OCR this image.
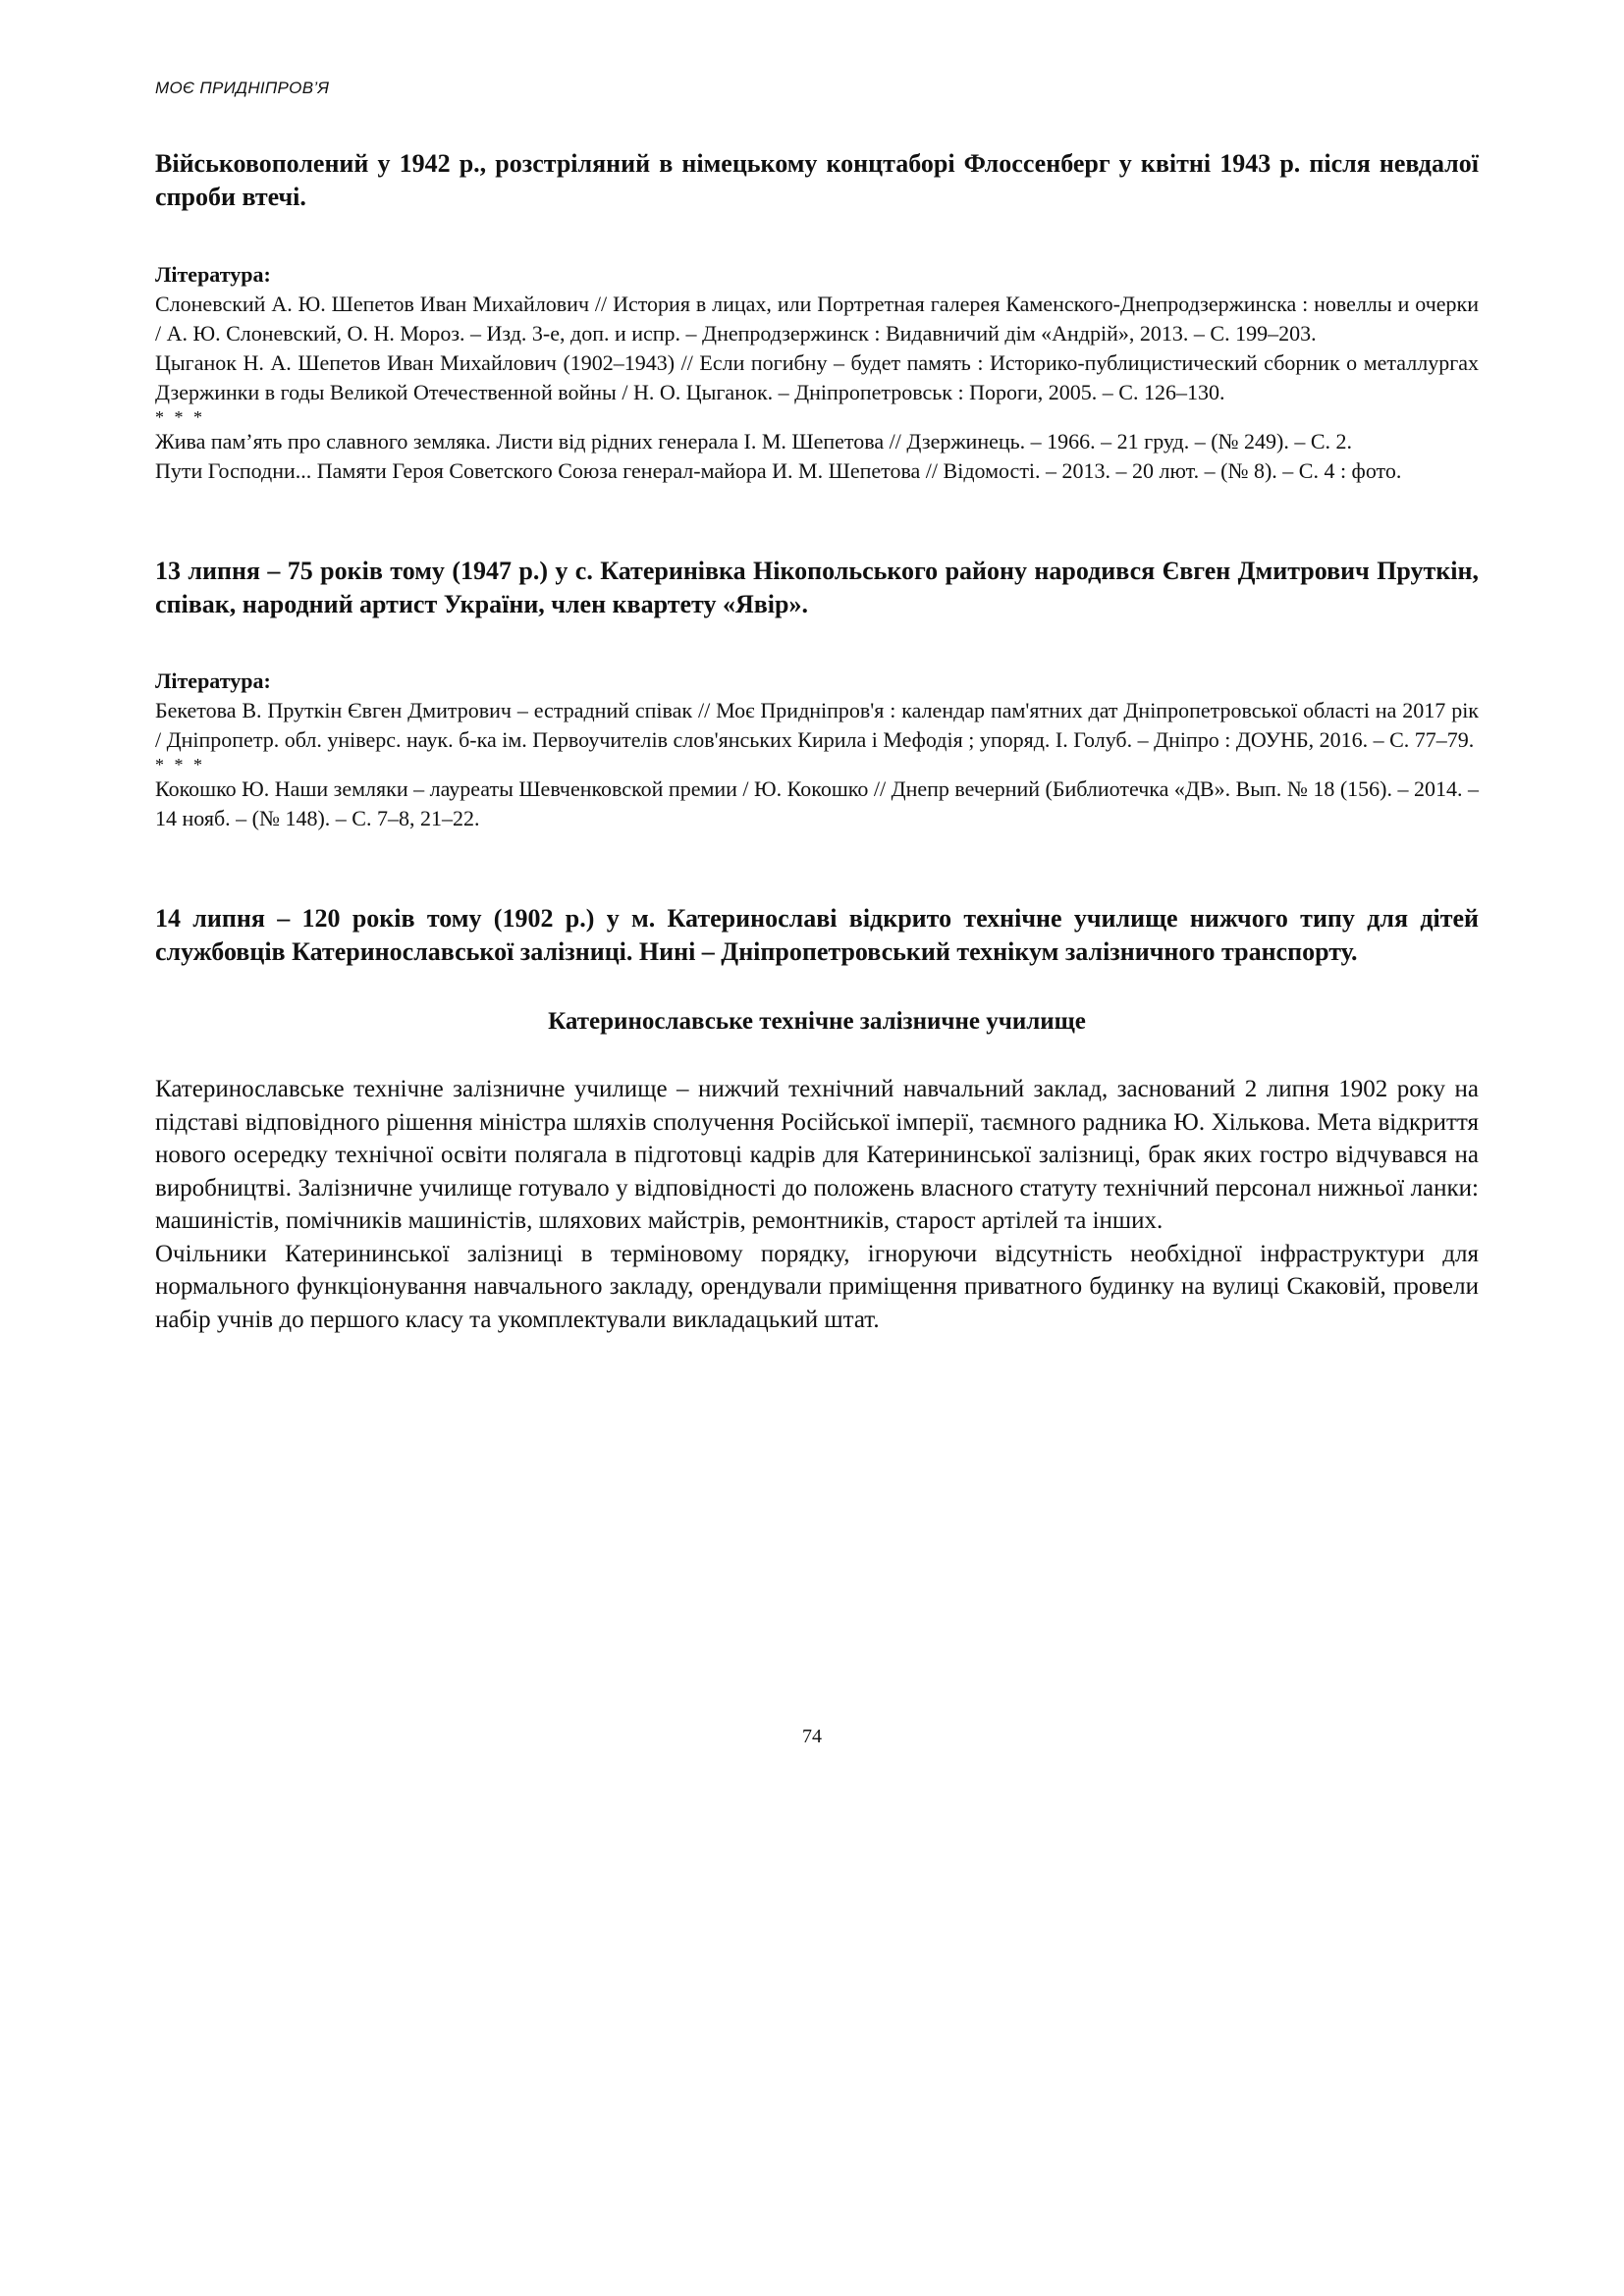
МОЄ ПРИДНІПРОВ’Я

Військовополений у 1942 р., розстріляний в німецькому концтаборі Флоссенберг у квітні 1943 р. після невдалої спроби втечі.

Література:

Слоневский А. Ю. Шепетов Иван Михайлович // История в лицах, или Портретная галерея Каменского-Днепродзержинска : новеллы и очерки / А. Ю. Слоневский, О. Н. Мороз. – Изд. 3-е, доп. и испр. – Днепродзержинск : Видавничий дім «Андрій», 2013. – С. 199–203.

Цыганок Н. А. Шепетов Иван Михайлович (1902–1943) // Если погибну – будет память : Историко-публицистический сборник о металлургах Дзержинки в годы Великой Отечественной войны / Н. О. Цыганок. – Дніпропетровськ : Пороги, 2005. – С. 126–130.

* * *

Жива пам’ять про славного земляка. Листи від рідних генерала І. М. Шепетова // Дзержинець. – 1966. – 21 груд. – (№ 249). – С. 2.

Пути Господни... Памяти Героя Советского Союза генерал-майора И. М. Шепетова // Відомості. – 2013. – 20 лют. – (№ 8). – С. 4 : фото.

13 липня – 75 років тому (1947 р.) у с. Катеринівка Нікопольського району народився Євген Дмитрович Пруткін, співак, народний артист України, член квартету «Явір».

Література:

Бекетова В. Пруткін Євген Дмитрович – естрадний співак // Моє Придніпров'я : календар пам'ятних дат Дніпропетровської області на 2017 рік / Дніпропетр. обл. універс. наук. б-ка ім. Первоучителів слов'янських Кирила і Мефодія ; упоряд. І. Голуб. – Дніпро : ДОУНБ, 2016. – С. 77–79.

* * *

Кокошко Ю. Наши земляки – лауреаты Шевченковской премии / Ю. Кокошко // Днепр вечерний (Библиотечка «ДВ». Вып. № 18 (156). – 2014. – 14 нояб. – (№ 148). – С. 7–8, 21–22.

14 липня – 120 років тому (1902 р.) у м. Катеринославі відкрито технічне училище нижчого типу для дітей службовців Катеринославської залізниці. Нині – Дніпропетровський технікум залізничного транспорту.

Катеринославське технічне залізничне училище

Катеринославське технічне залізничне училище – нижчий технічний навчальний заклад, заснований 2 липня 1902 року на підставі відповідного рішення міністра шляхів сполучення Російської імперії, таємного радника Ю. Хількова. Мета відкриття нового осередку технічної освіти полягала в підготовці кадрів для Катерининської залізниці, брак яких гостро відчувався на виробництві. Залізничне училище готувало у відповідності до положень власного статуту технічний персонал нижньої ланки: машиністів, помічників машиністів, шляхових майстрів, ремонтників, старост артілей та інших.

Очільники Катерининської залізниці в терміновому порядку, ігноруючи відсутність необхідної інфраструктури для нормального функціонування навчального закладу, орендували приміщення приватного будинку на вулиці Скаковій, провели набір учнів до першого класу та укомплектували викладацький штат.

74
